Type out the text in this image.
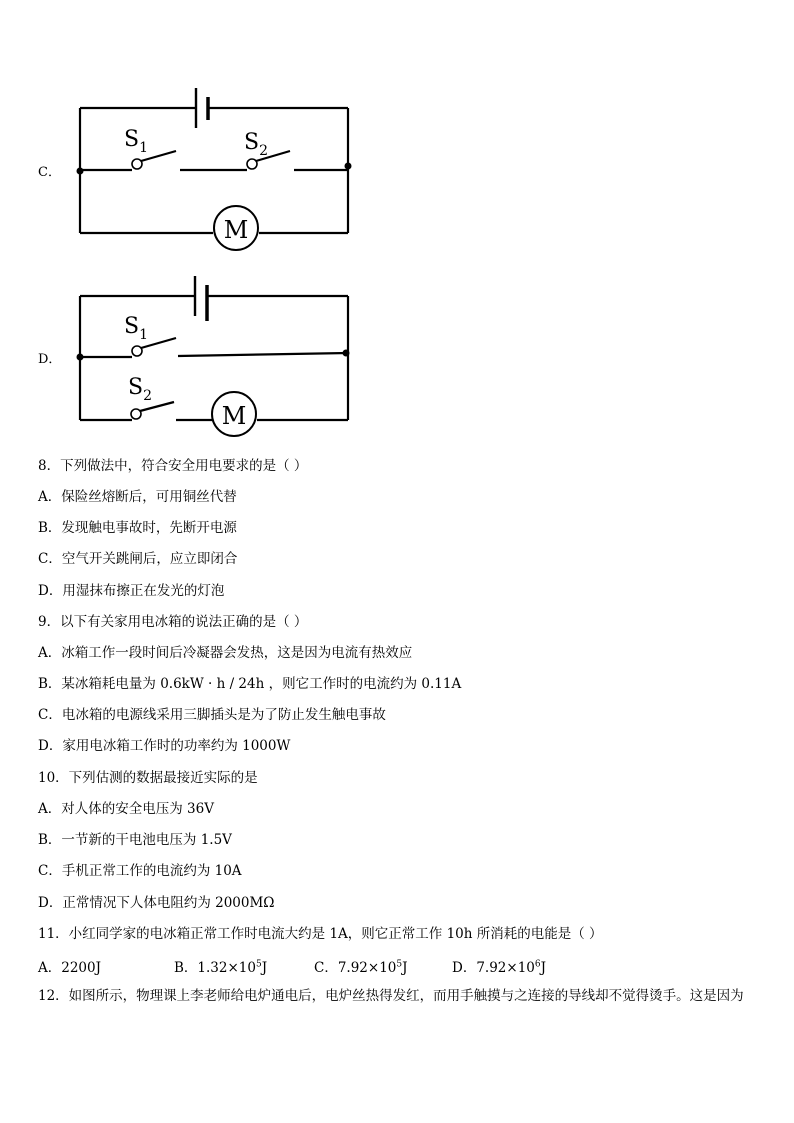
C．
$S_1$	$S_2$
M
D．
$S_1$
$S_2$
M
8．下列做法中，符合安全用电要求的是（ ）
A．保险丝熔断后，可用铜丝代替
B．发现触电事故时，先断开电源
C．空气开关跳闸后，应立即闭合
D．用湿抹布擦正在发光的灯泡
9．以下有关家用电冰箱的说法正确的是（ ）
A．冰箱工作一段时间后冷凝器会发热，这是因为电流有热效应
B．某冰箱耗电量为 0.6kW · h / 24h ，则它工作时的电流约为 0.11A
C．电冰箱的电源线采用三脚插头是为了防止发生触电事故
D．家用电冰箱工作时的功率约为 1000W
10．下列估测的数据最接近实际的是
A．对人体的安全电压为 36V
B．一节新的干电池电压为 1.5V
C．手机正常工作的电流约为 10A
D．正常情况下人体电阻约为 2000MΩ
11．小红同学家的电冰箱正常工作时电流大约是 1A，则它正常工作 10h 所消耗的电能是（ ）
A．2200J	B．$1.32\times 10^5J$	C．$7.92\times 10^5J$	D．$7.92\times 10^6J$
12．如图所示，物理课上李老师给电炉通电后，电炉丝热得发红，而用手触摸与之连接的导线却不觉得烫手。这是因为
